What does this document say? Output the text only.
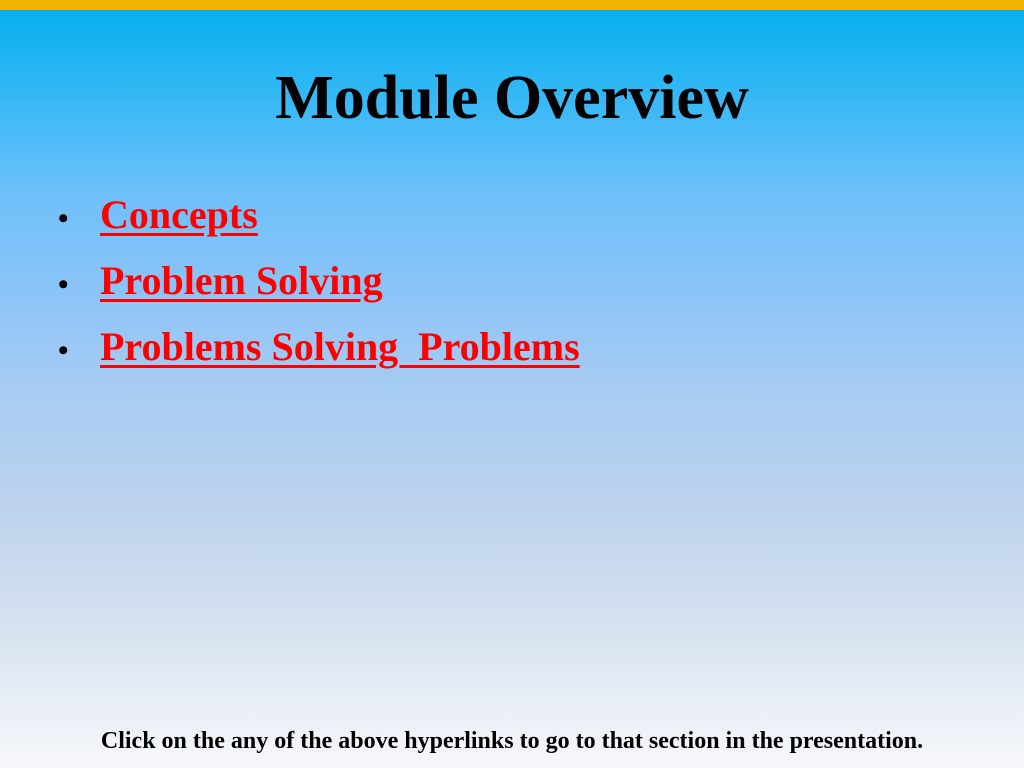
Module Overview
• Concepts
• Problem Solving
• Problems Solving  Problems
Click on the any of the above hyperlinks to go to that section in the presentation.
